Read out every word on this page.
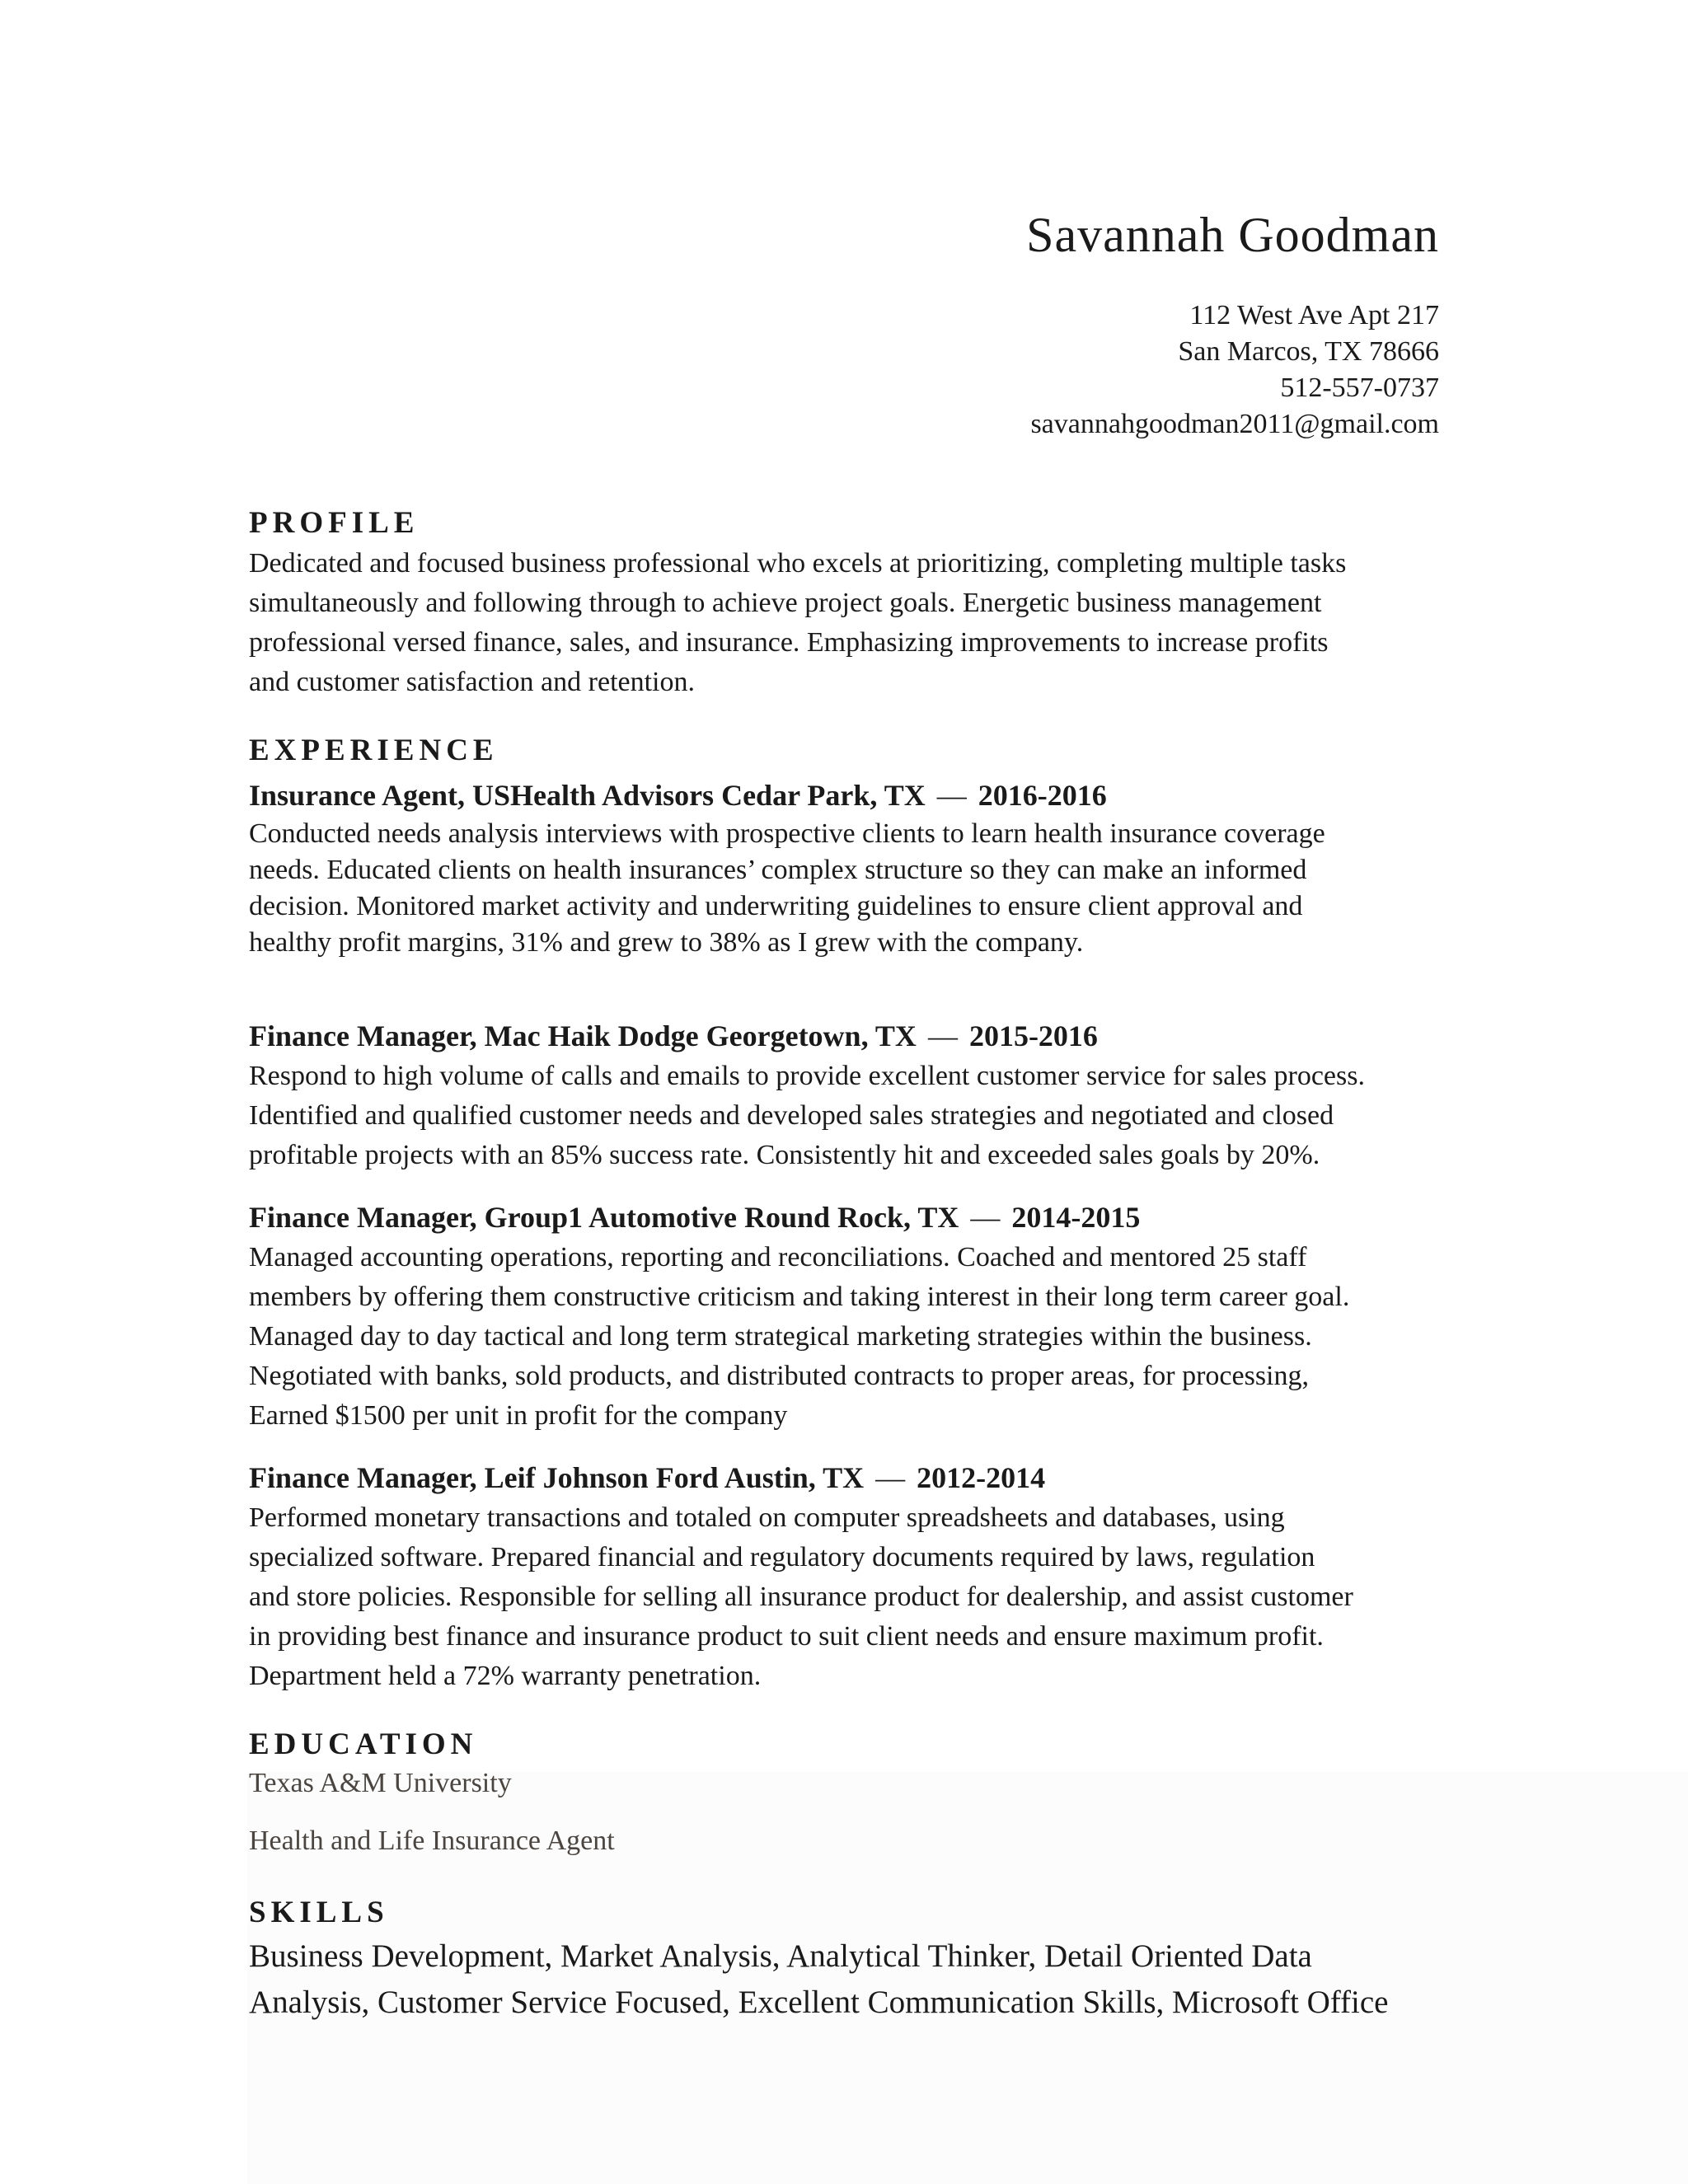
Savannah Goodman
112 West Ave Apt 217
San Marcos, TX 78666
512-557-0737
savannahgoodman2011@gmail.com
PROFILE

Dedicated and focused business professional who excels at prioritizing, completing multiple tasks

simultaneously and following through to achieve project goals. Energetic business management

professional versed finance, sales, and insurance. Emphasizing improvements to increase profits

and customer satisfaction and retention.

EXPERIENCE
Insurance Agent, USHealth Advisors Cedar Park, TX — 2016-2016

Conducted needs analysis interviews with prospective clients to learn health insurance coverage

needs. Educated clients on health insurances’ complex structure so they can make an informed

decision. Monitored market activity and underwriting guidelines to ensure client approval and

healthy profit margins, 31% and grew to 38% as I grew with the company.

Finance Manager, Mac Haik Dodge Georgetown, TX — 2015-2016

Respond to high volume of calls and emails to provide excellent customer service for sales process.

Identified and qualified customer needs and developed sales strategies and negotiated and closed

profitable projects with an 85% success rate. Consistently hit and exceeded sales goals by 20%.

Finance Manager, Group1 Automotive Round Rock, TX — 2014-2015

Managed accounting operations, reporting and reconciliations. Coached and mentored 25 staff

members by offering them constructive criticism and taking interest in their long term career goal.

Managed day to day tactical and long term strategical marketing strategies within the business.

Negotiated with banks, sold products, and distributed contracts to proper areas, for processing,

Earned $1500 per unit in profit for the company

Finance Manager, Leif Johnson Ford Austin, TX — 2012-2014

Performed monetary transactions and totaled on computer spreadsheets and databases, using

specialized software. Prepared financial and regulatory documents required by laws, regulation

and store policies. Responsible for selling all insurance product for dealership, and assist customer

in providing best finance and insurance product to suit client needs and ensure maximum profit.

Department held a 72% warranty penetration.

EDUCATION

Texas A&M University

Health and Life Insurance Agent

SKILLS

Business Development, Market Analysis, Analytical Thinker, Detail Oriented Data

Analysis, Customer Service Focused, Excellent Communication Skills, Microsoft Office
